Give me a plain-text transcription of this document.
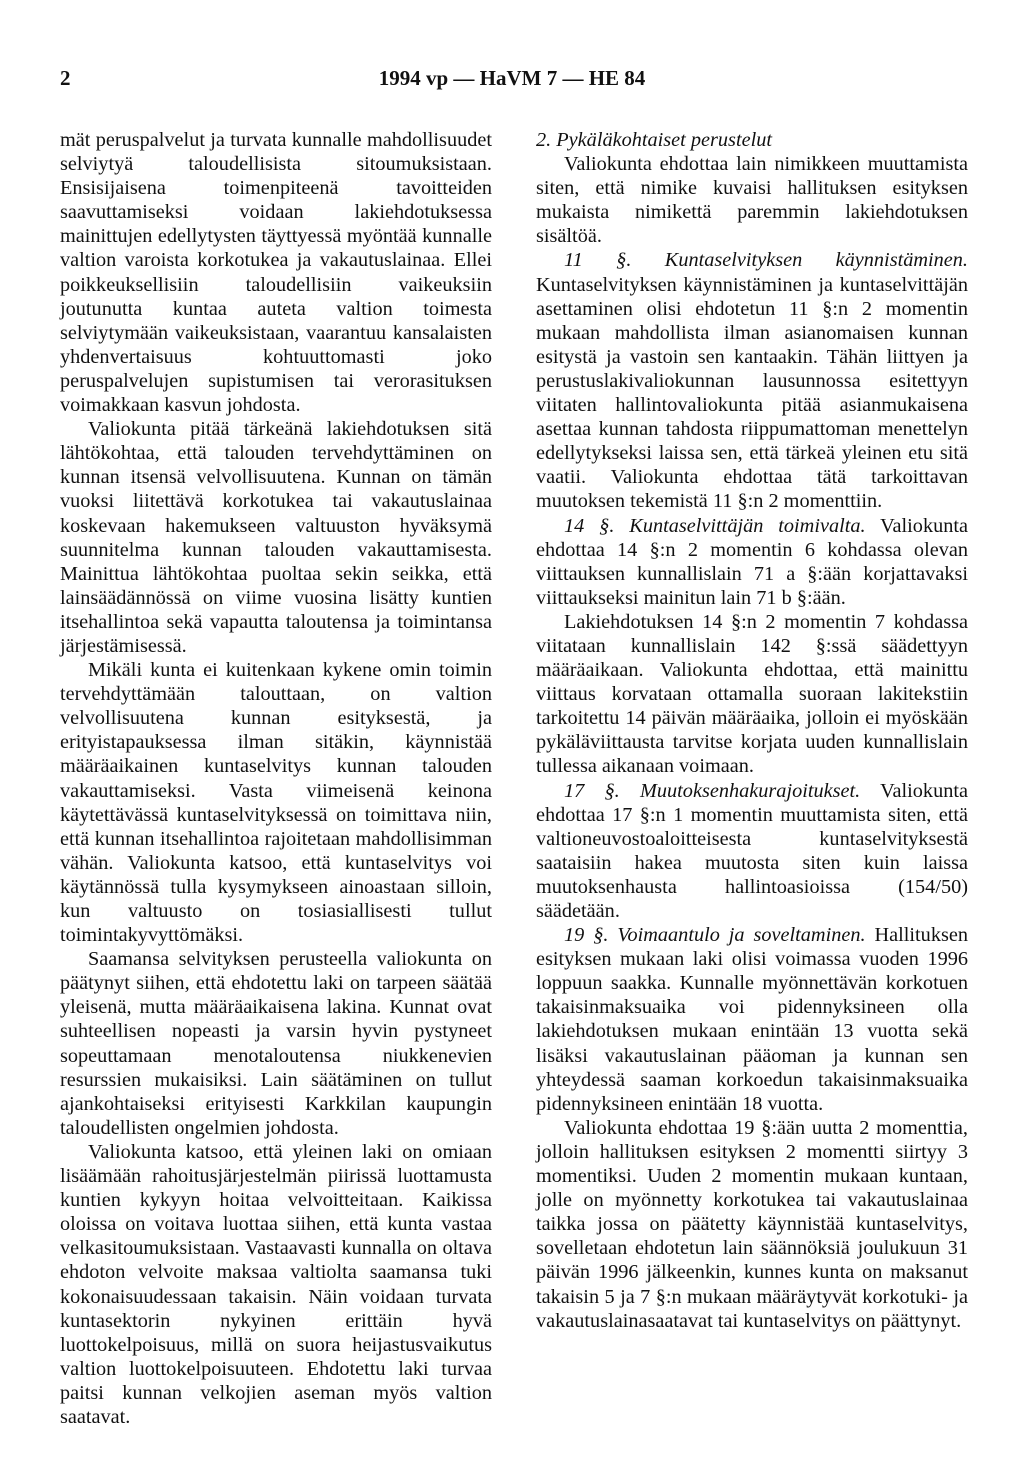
2	1994 vp — HaVM 7 — HE 84

mät peruspalvelut ja turvata kunnalle mahdollisuudet selviytyä taloudellisista sitoumuksistaan. Ensisijaisena toimenpiteenä tavoitteiden saavuttamiseksi voidaan lakiehdotuksessa mainittujen edellytysten täyttyessä myöntää kunnalle valtion varoista korkotukea ja vakautuslainaa. Ellei poikkeuksellisiin taloudellisiin vaikeuksiin joutunutta kuntaa auteta valtion toimesta selviytymään vaikeuksistaan, vaarantuu kansalaisten yhdenvertaisuus kohtuuttomasti joko peruspalvelujen supistumisen tai verorasituksen voimakkaan kasvun johdosta.

Valiokunta pitää tärkeänä lakiehdotuksen sitä lähtökohtaa, että talouden tervehdyttäminen on kunnan itsensä velvollisuutena. Kunnan on tämän vuoksi liitettävä korkotukea tai vakautuslainaa koskevaan hakemukseen valtuuston hyväksymä suunnitelma kunnan talouden vakauttamisesta. Mainittua lähtökohtaa puoltaa sekin seikka, että lainsäädännössä on viime vuosina lisätty kuntien itsehallintoa sekä vapautta taloutensa ja toimintansa järjestämisessä.

Mikäli kunta ei kuitenkaan kykene omin toimin tervehdyttämään talouttaan, on valtion velvollisuutena kunnan esityksestä, ja erityistapauksessa ilman sitäkin, käynnistää määräaikainen kuntaselvitys kunnan talouden vakauttamiseksi. Vasta viimeisenä keinona käytettävässä kuntaselvityksessä on toimittava niin, että kunnan itsehallintoa rajoitetaan mahdollisimman vähän. Valiokunta katsoo, että kuntaselvitys voi käytännössä tulla kysymykseen ainoastaan silloin, kun valtuusto on tosiasiallisesti tullut toimintakyvyttömäksi.

Saamansa selvityksen perusteella valiokunta on päätynyt siihen, että ehdotettu laki on tarpeen säätää yleisenä, mutta määräaikaisena lakina. Kunnat ovat suhteellisen nopeasti ja varsin hyvin pystyneet sopeuttamaan menotaloutensa niukkenevien resurssien mukaisiksi. Lain säätäminen on tullut ajankohtaiseksi erityisesti Karkkilan kaupungin taloudellisten ongelmien johdosta.

Valiokunta katsoo, että yleinen laki on omiaan lisäämään rahoitusjärjestelmän piirissä luottamusta kuntien kykyyn hoitaa velvoitteitaan. Kaikissa oloissa on voitava luottaa siihen, että kunta vastaa velkasitoumuksistaan. Vastaavasti kunnalla on oltava ehdoton velvoite maksaa valtiolta saamansa tuki kokonaisuudessaan takaisin. Näin voidaan turvata kuntasektorin nykyinen erittäin hyvä luottokelpoisuus, millä on suora heijastusvaikutus valtion luottokelpoisuuteen. Ehdotettu laki turvaa paitsi kunnan velkojien aseman myös valtion saatavat.

2. Pykäläkohtaiset perustelut

Valiokunta ehdottaa lain nimikkeen muuttamista siten, että nimike kuvaisi hallituksen esityksen mukaista nimikettä paremmin lakiehdotuksen sisältöä.

11 §. Kuntaselvityksen käynnistäminen. Kuntaselvityksen käynnistäminen ja kuntaselvittäjän asettaminen olisi ehdotetun 11 §:n 2 momentin mukaan mahdollista ilman asianomaisen kunnan esitystä ja vastoin sen kantaakin. Tähän liittyen ja perustuslakivaliokunnan lausunnossa esitettyyn viitaten hallintovaliokunta pitää asianmukaisena asettaa kunnan tahdosta riippumattoman menettelyn edellytykseksi laissa sen, että tärkeä yleinen etu sitä vaatii. Valiokunta ehdottaa tätä tarkoittavan muutoksen tekemistä 11 §:n 2 momenttiin.

14 §. Kuntaselvittäjän toimivalta. Valiokunta ehdottaa 14 §:n 2 momentin 6 kohdassa olevan viittauksen kunnallislain 71 a §:ään korjattavaksi viittaukseksi mainitun lain 71 b §:ään.

Lakiehdotuksen 14 §:n 2 momentin 7 kohdassa viitataan kunnallislain 142 §:ssä säädettyyn määräaikaan. Valiokunta ehdottaa, että mainittu viittaus korvataan ottamalla suoraan lakitekstiin tarkoitettu 14 päivän määräaika, jolloin ei myöskään pykäläviittausta tarvitse korjata uuden kunnallislain tullessa aikanaan voimaan.

17 §. Muutoksenhakurajoitukset. Valiokunta ehdottaa 17 §:n 1 momentin muuttamista siten, että valtioneuvostoaloitteisesta kuntaselvityksestä saataisiin hakea muutosta siten kuin laissa muutoksenhausta hallintoasioissa (154/50) säädetään.

19 §. Voimaantulo ja soveltaminen. Hallituksen esityksen mukaan laki olisi voimassa vuoden 1996 loppuun saakka. Kunnalle myönnettävän korkotuen takaisinmaksuaika voi pidennyksineen olla lakiehdotuksen mukaan enintään 13 vuotta sekä lisäksi vakautuslainan pääoman ja kunnan sen yhteydessä saaman korkoedun takaisinmaksuaika pidennyksineen enintään 18 vuotta.

Valiokunta ehdottaa 19 §:ään uutta 2 momenttia, jolloin hallituksen esityksen 2 momentti siirtyy 3 momentiksi. Uuden 2 momentin mukaan kuntaan, jolle on myönnetty korkotukea tai vakautuslainaa taikka jossa on päätetty käynnistää kuntaselvitys, sovelletaan ehdotetun lain säännöksiä joulukuun 31 päivän 1996 jälkeenkin, kunnes kunta on maksanut takaisin 5 ja 7 §:n mukaan määräytyvät korkotuki- ja vakautuslainasaatavat tai kuntaselvitys on päättynyt.
